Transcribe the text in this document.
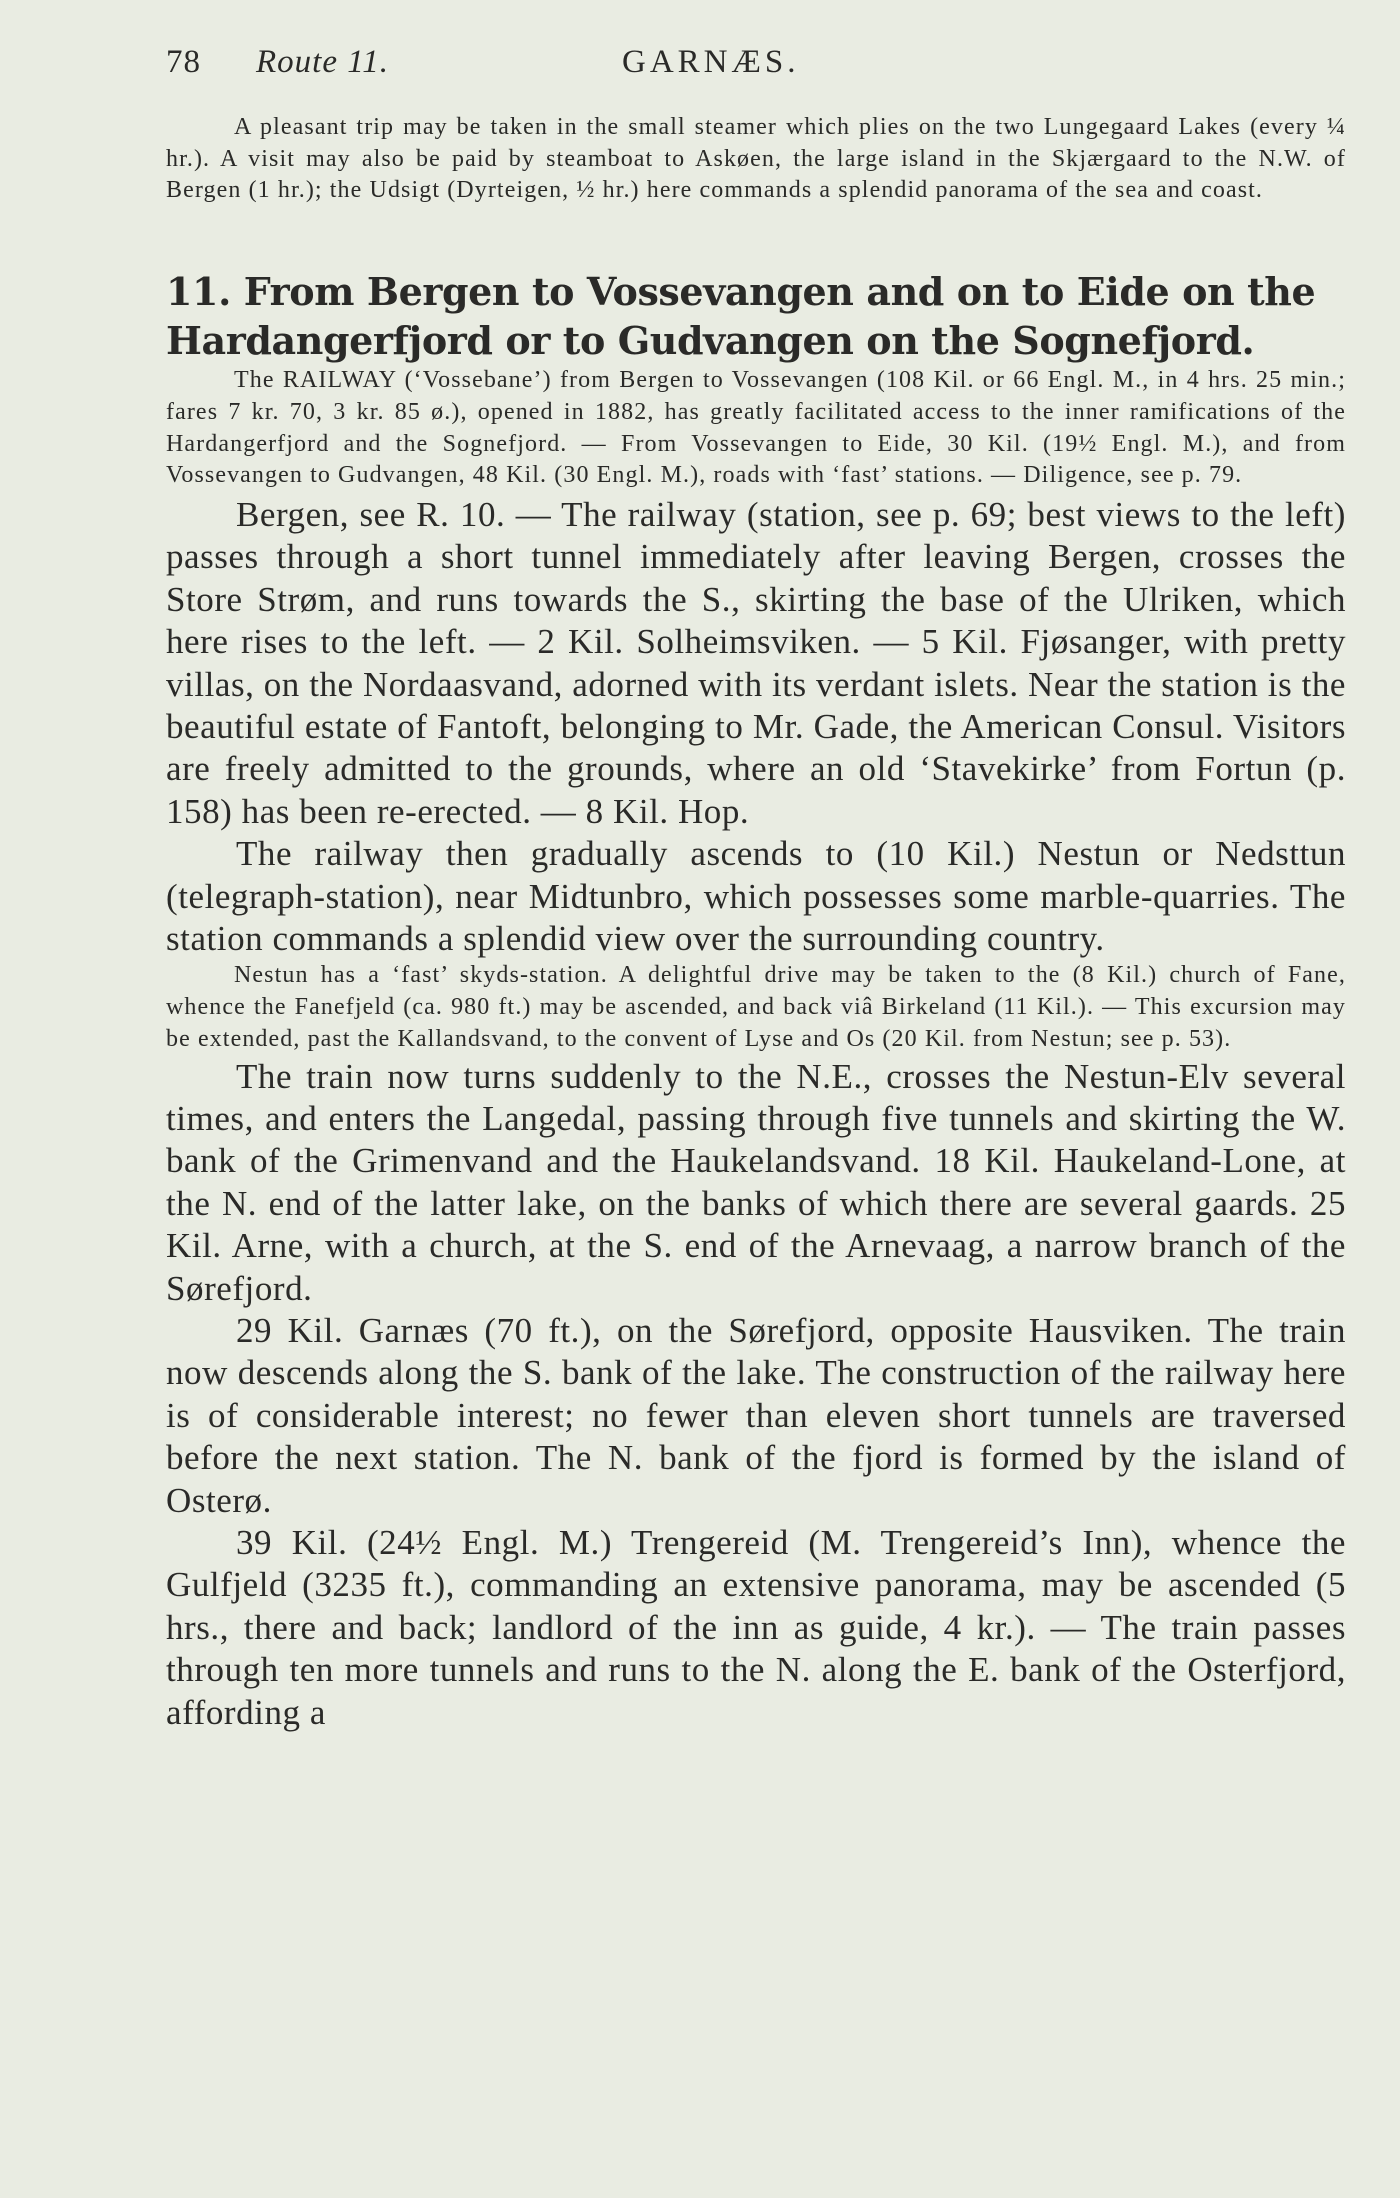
78	Route 11.	GARNÆS.

A pleasant trip may be taken in the small steamer which plies on the two Lungegaard Lakes (every ¼ hr.). A visit may also be paid by steamboat to Askøen, the large island in the Skjærgaard to the N.W. of Bergen (1 hr.); the Udsigt (Dyrteigen, ½ hr.) here commands a splendid panorama of the sea and coast.

11. From Bergen to Vossevangen and on to Eide on the
Hardangerfjord or to Gudvangen on the Sognefjord.

The RAILWAY (‘Vossebane’) from Bergen to Vossevangen (108 Kil. or 66 Engl. M., in 4 hrs. 25 min.; fares 7 kr. 70, 3 kr. 85 ø.), opened in 1882, has greatly facilitated access to the inner ramifications of the Hardangerfjord and the Sognefjord. — From Vossevangen to Eide, 30 Kil. (19½ Engl. M.), and from Vossevangen to Gudvangen, 48 Kil. (30 Engl. M.), roads with ‘fast’ stations. — Diligence, see p. 79.

Bergen, see R. 10. — The railway (station, see p. 69; best views to the left) passes through a short tunnel immediately after leaving Bergen, crosses the Store Strøm, and runs towards the S., skirting the base of the Ulriken, which here rises to the left. — 2 Kil. Solheimsviken. — 5 Kil. Fjøsanger, with pretty villas, on the Nordaasvand, adorned with its verdant islets. Near the station is the beautiful estate of Fantoft, belonging to Mr. Gade, the American Consul. Visitors are freely admitted to the grounds, where an old ‘Stavekirke’ from Fortun (p. 158) has been re-erected. — 8 Kil. Hop.

The railway then gradually ascends to (10 Kil.) Nestun or Nedsttun (telegraph-station), near Midtunbro, which possesses some marble-quarries. The station commands a splendid view over the surrounding country.

Nestun has a ‘fast’ skyds-station. A delightful drive may be taken to the (8 Kil.) church of Fane, whence the Fanefjeld (ca. 980 ft.) may be ascended, and back viâ Birkeland (11 Kil.). — This excursion may be extended, past the Kallandsvand, to the convent of Lyse and Os (20 Kil. from Nestun; see p. 53).

The train now turns suddenly to the N.E., crosses the Nestun-Elv several times, and enters the Langedal, passing through five tunnels and skirting the W. bank of the Grimenvand and the Haukelandsvand. 18 Kil. Haukeland-Lone, at the N. end of the latter lake, on the banks of which there are several gaards. 25 Kil. Arne, with a church, at the S. end of the Arnevaag, a narrow branch of the Sørefjord.

29 Kil. Garnæs (70 ft.), on the Sørefjord, opposite Hausviken. The train now descends along the S. bank of the lake. The construction of the railway here is of considerable interest; no fewer than eleven short tunnels are traversed before the next station. The N. bank of the fjord is formed by the island of Osterø.

39 Kil. (24½ Engl. M.) Trengereid (M. Trengereid’s Inn), whence the Gulfjeld (3235 ft.), commanding an extensive panorama, may be ascended (5 hrs., there and back; landlord of the inn as guide, 4 kr.). — The train passes through ten more tunnels and runs to the N. along the E. bank of the Osterfjord, affording a
